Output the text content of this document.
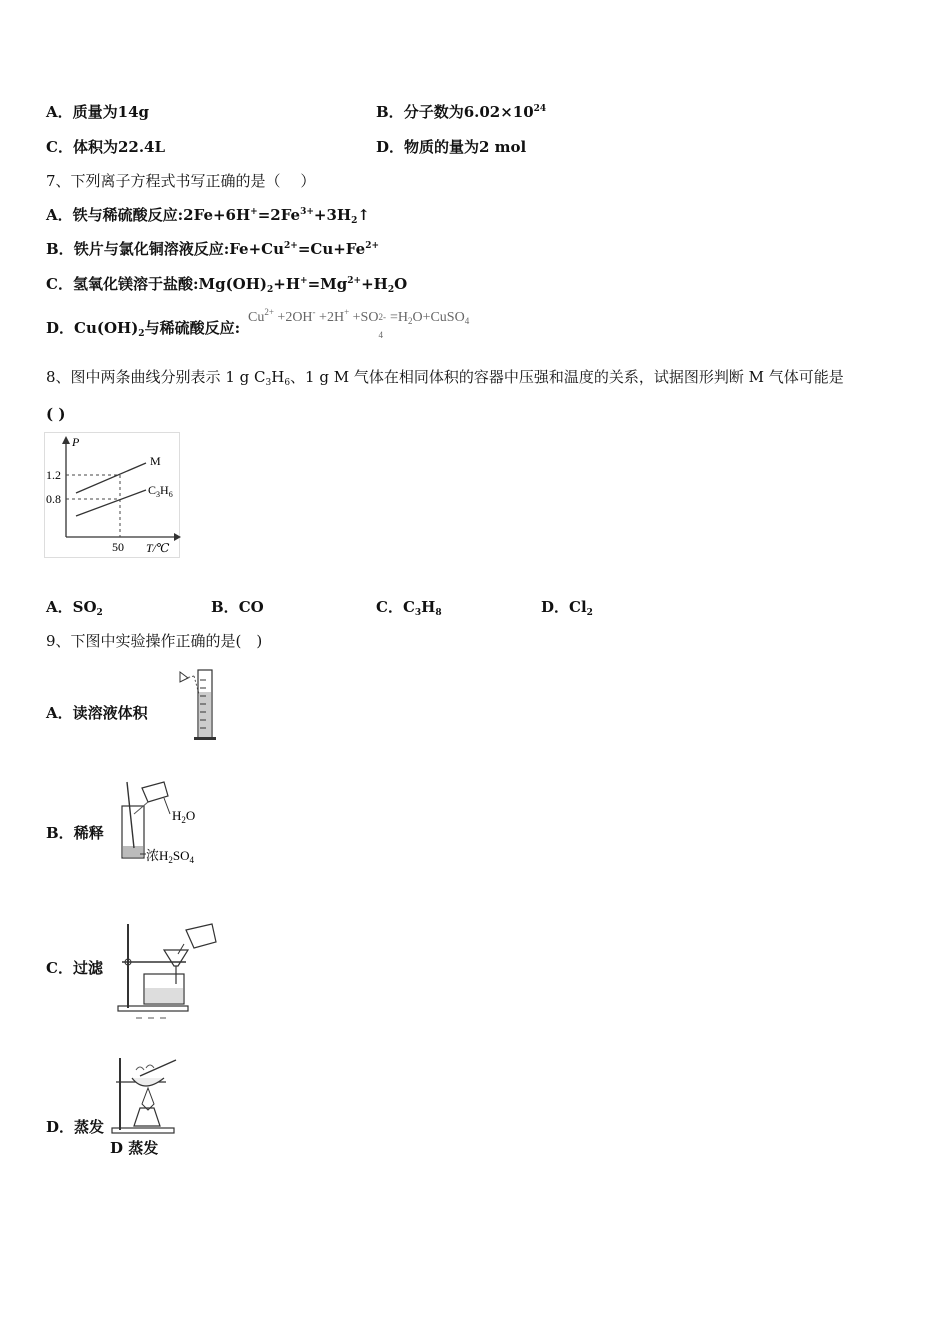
A．质量为14g	B．分子数为$6.02\times 10^{24}$
C．体积为22.4L	D．物质的量为2 mol
7、下列离子方程式书写正确的是（　 ）
A．铁与稀硫酸反应$:2Fe+6H^+=2Fe^{3+}+3H_2↑$
B．铁片与氯化铜溶液反应$:Fe+Cu^{2+}=Cu+Fe^{2+}$
C．氢氧化镁溶于盐酸$:Mg(OH)_2+H^+=Mg^{2+}+H_2O$
D．$Cu(OH)_2$与稀硫酸反应:
$Cu^{2+} +2OH^- +2H^+ +SO$ 2-
4
$=H_2O+CuSO_4$
8、图中两条曲线分别表示 1 g $C_3H_6$、1 g M 气体在相同体积的容器中压强和温度的关系，试据图形判断 M 气体可能是
( )
P
1.2
0.8
50 T/℃
M
$C_3H_6$
A．$SO_2$	B．CO	C．$C_3H_8$	D．$Cl_2$
9、下图中实验操作正确的是(　)
A．读溶液体积
B．稀释
$H_2O$
浓$H_2SO_4$
C．过滤
D．蒸发
D 蒸发
